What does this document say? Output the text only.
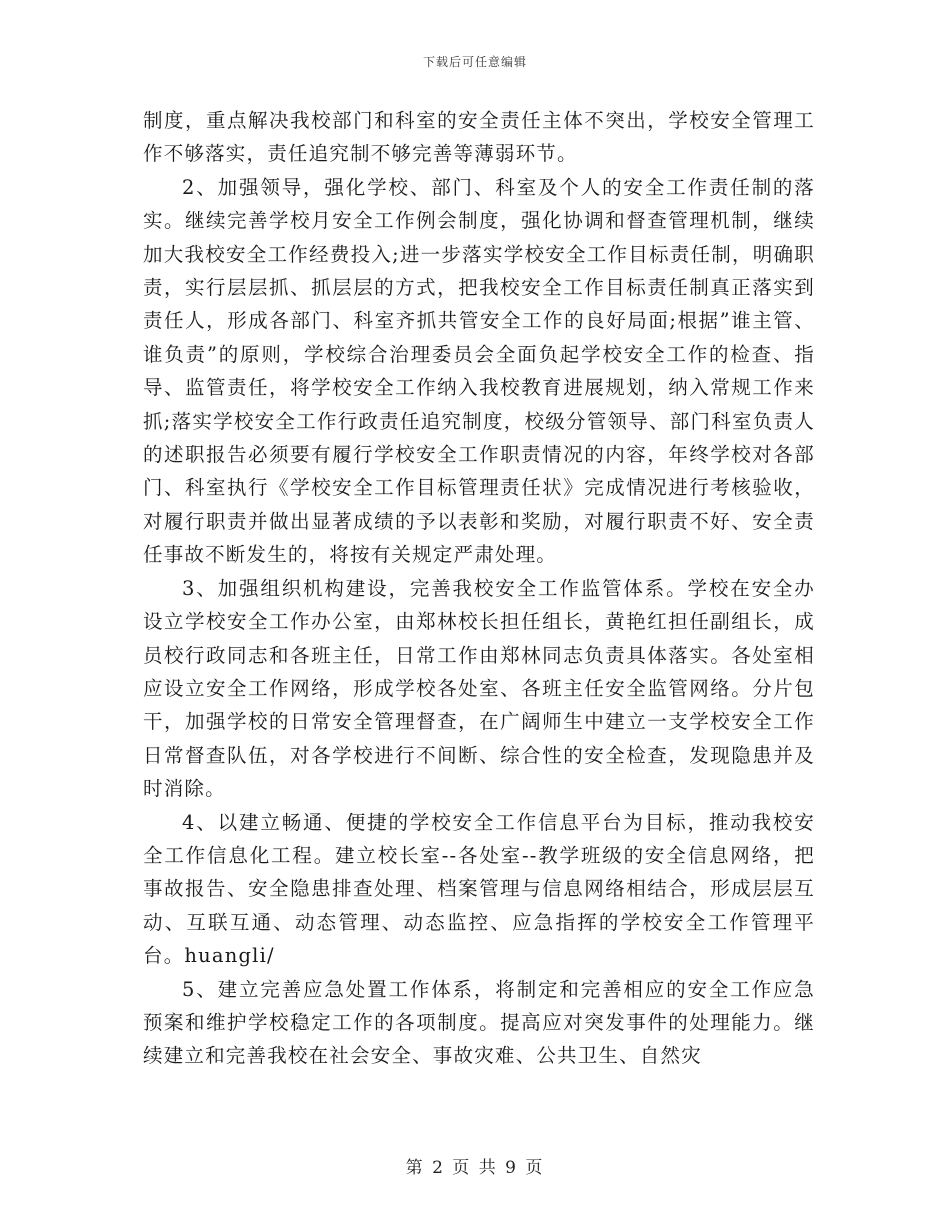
下载后可任意编辑

制度，重点解决我校部门和科室的安全责任主体不突出，学校安全管理工作不够落实，责任追究制不够完善等薄弱环节。

2、加强领导，强化学校、部门、科室及个人的安全工作责任制的落实。继续完善学校月安全工作例会制度，强化协调和督查管理机制，继续加大我校安全工作经费投入;进一步落实学校安全工作目标责任制，明确职责，实行层层抓、抓层层的方式，把我校安全工作目标责任制真正落实到责任人，形成各部门、科室齐抓共管安全工作的良好局面;根据”谁主管、谁负责”的原则，学校综合治理委员会全面负起学校安全工作的检查、指导、监管责任，将学校安全工作纳入我校教育进展规划，纳入常规工作来抓;落实学校安全工作行政责任追究制度，校级分管领导、部门科室负责人的述职报告必须要有履行学校安全工作职责情况的内容，年终学校对各部门、科室执行《学校安全工作目标管理责任状》完成情况进行考核验收，对履行职责并做出显著成绩的予以表彰和奖励，对履行职责不好、安全责任事故不断发生的，将按有关规定严肃处理。

3、加强组织机构建设，完善我校安全工作监管体系。学校在安全办设立学校安全工作办公室，由郑林校长担任组长，黄艳红担任副组长，成员校行政同志和各班主任，日常工作由郑林同志负责具体落实。各处室相应设立安全工作网络，形成学校各处室、各班主任安全监管网络。分片包干，加强学校的日常安全管理督查，在广阔师生中建立一支学校安全工作日常督查队伍，对各学校进行不间断、综合性的安全检查，发现隐患并及时消除。

4、以建立畅通、便捷的学校安全工作信息平台为目标，推动我校安全工作信息化工程。建立校长室--各处室--教学班级的安全信息网络，把事故报告、安全隐患排查处理、档案管理与信息网络相结合，形成层层互动、互联互通、动态管理、动态监控、应急指挥的学校安全工作管理平台。huangli/

5、建立完善应急处置工作体系，将制定和完善相应的安全工作应急预案和维护学校稳定工作的各项制度。提高应对突发事件的处理能力。继续建立和完善我校在社会安全、事故灾难、公共卫生、自然灾

第 2 页 共 9 页
